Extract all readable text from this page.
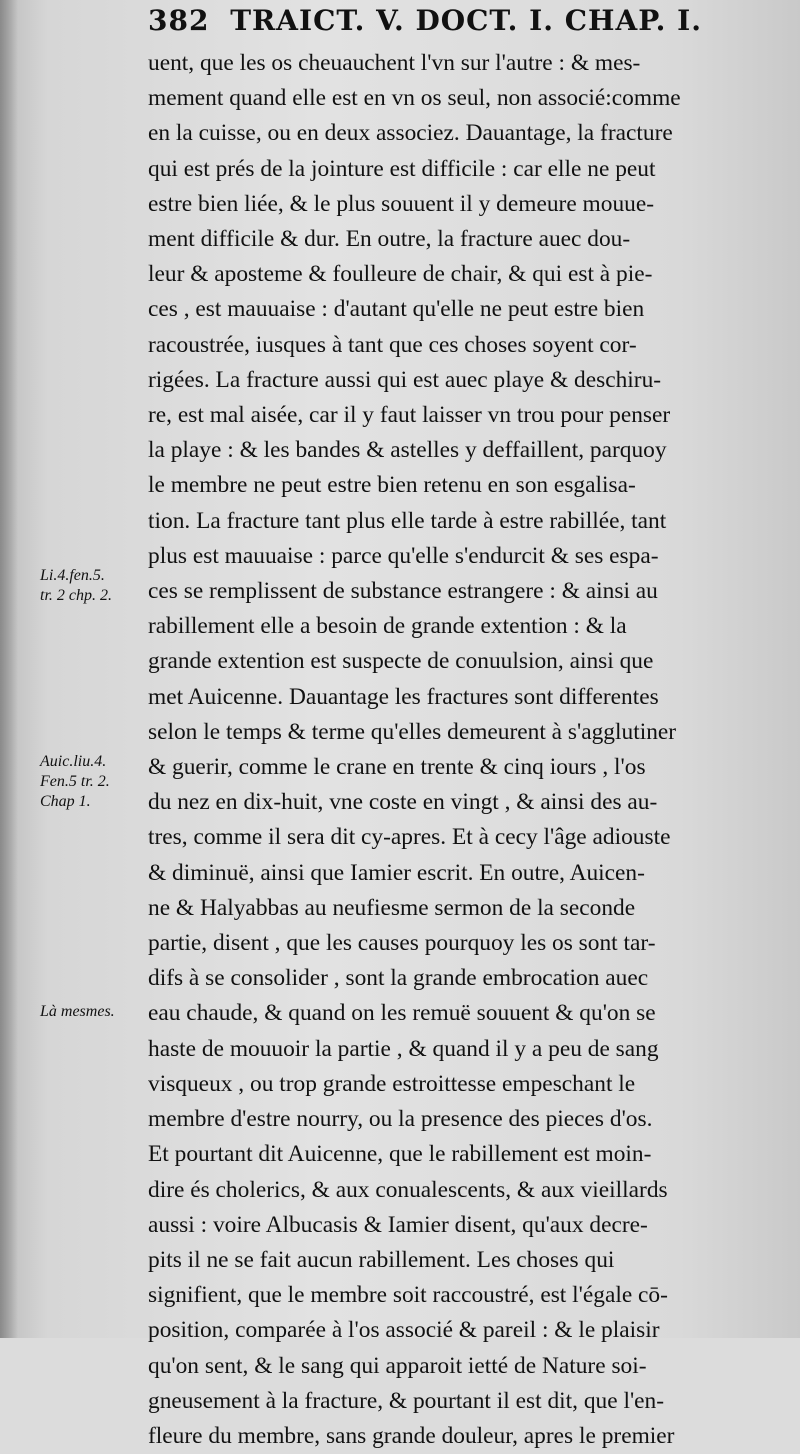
382 TRAICT. V. DOCT. I. CHAP. I.
uent, que les os cheuauchent l'vn sur l'autre : & mes-
mement quand elle est en vn os seul, non associé:comme
en la cuisse, ou en deux associez. Dauantage, la fracture
qui est prés de la jointure est difficile : car elle ne peut
estre bien liée, & le plus souuent il y demeure mouue-
ment difficile & dur. En outre, la fracture auec dou-
leur & aposteme & foulleure de chair, & qui est à pie-
ces , est mauuaise : d'autant qu'elle ne peut estre bien
racoustrée, iusques à tant que ces choses soyent cor-
rigées. La fracture aussi qui est auec playe & deschiru-
re, est mal aisée, car il y faut laisser vn trou pour penser
la playe : & les bandes & astelles y deffaillent, parquoy
le membre ne peut estre bien retenu en son esgalisa-
tion. La fracture tant plus elle tarde à estre rabillée, tant
plus est mauuaise : parce qu'elle s'endurcit & ses espa-
ces se remplissent de substance estrangere : & ainsi au
rabillement elle a besoin de grande extention : & la
grande extention est suspecte de conuulsion, ainsi que
met Auicenne. Dauantage les fractures sont differentes
selon le temps & terme qu'elles demeurent à s'agglutiner
& guerir, comme le crane en trente & cinq iours , l'os
du nez en dix-huit, vne coste en vingt , & ainsi des au-
tres, comme il sera dit cy-apres. Et à cecy l'âge adiouste
& diminuë, ainsi que Iamier escrit. En outre, Auicen-
ne & Halyabbas au neufiesme sermon de la seconde
partie, disent , que les causes pourquoy les os sont tar-
difs à se consolider , sont la grande embrocation auec
eau chaude, & quand on les remuë souuent & qu'on se
haste de mouuoir la partie , & quand il y a peu de sang
visqueux , ou trop grande estroittesse empeschant le
membre d'estre nourry, ou la presence des pieces d'os.
Et pourtant dit Auicenne, que le rabillement est moin-
dire és cholerics, & aux conualescents, & aux vieillards
aussi : voire Albucasis & Iamier disent, qu'aux decre-
pits il ne se fait aucun rabillement. Les choses qui
signifient, que le membre soit raccoustré, est l'égale cō-
position, comparée à l'os associé & pareil : & le plaisir
qu'on sent, & le sang qui apparoit ietté de Nature soi-
gneusement à la fracture, & pourtant il est dit, que l'en-
fleure du membre, sans grande douleur, apres le premier
Li.4.fen.5.
tr. 2 chp. 2.
Auic.liu.4.
Fen.5 tr. 2.
Chap 1.
Là mesmes.
